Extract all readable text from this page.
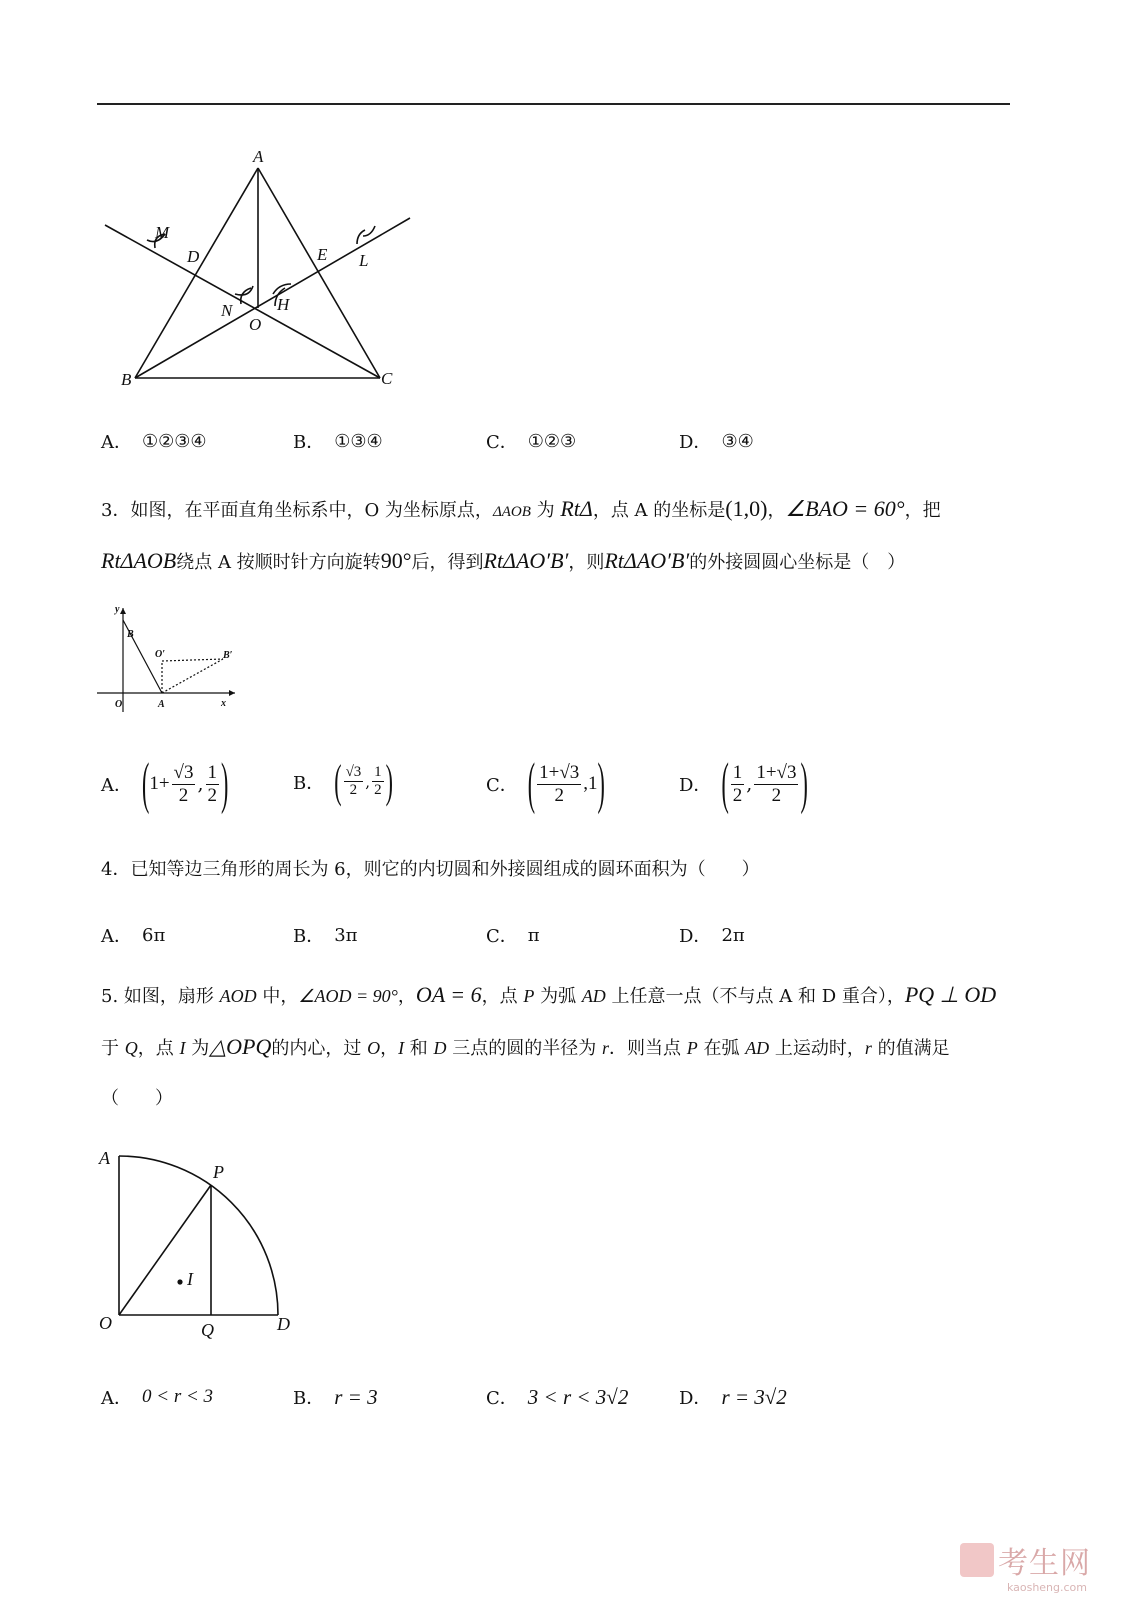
A
B	C
D	E
M
L
N	H
O
A． ①②③④	B． ①③④	C． ①②③	D． ③④
3．如图，在平面直角坐标系中，O 为坐标原点，ΔAOB 为 RtΔ，点 A 的坐标是(1,0)，∠BAO = 60°，把
RtΔAOB绕点 A 按顺时针方向旋转90°后，得到RtΔAO′B′，则RtΔAO′B′的外接圆圆心坐标是（　）
y
x
O	A
B
O′	B′
A． ( $1+ \frac{√3}{2}$ , $\frac{1}{2}$ )	B． ( $\frac{√3}{2}$ , $\frac{1}{2}$ )	C． ( $\frac{1+√3}{2} ,1$ )	D． ( $\frac{1}{2}$ , $\frac{1+√3}{2}$ )
4．已知等边三角形的周长为 6，则它的内切圆和外接圆组成的圆环面积为（　　）
A． 6π	B． 3π	C． π	D． 2π
5. 如图，扇形 AOD 中，∠AOD = 90°，OA = 6，点 P 为弧 AD 上任意一点（不与点 A 和 D 重合），PQ ⊥ OD
于 Q，点 I 为△OPQ的内心，过 O，I 和 D 三点的圆的半径为 r．则当点 P 在弧 AD 上运动时，r 的值满足
（　　）
A
P
I
O	Q	D
A． 0 < r < 3	B． r = 3	C． 3 < r < 3√2	D． r = 3√2
考生网
kaosheng.com
